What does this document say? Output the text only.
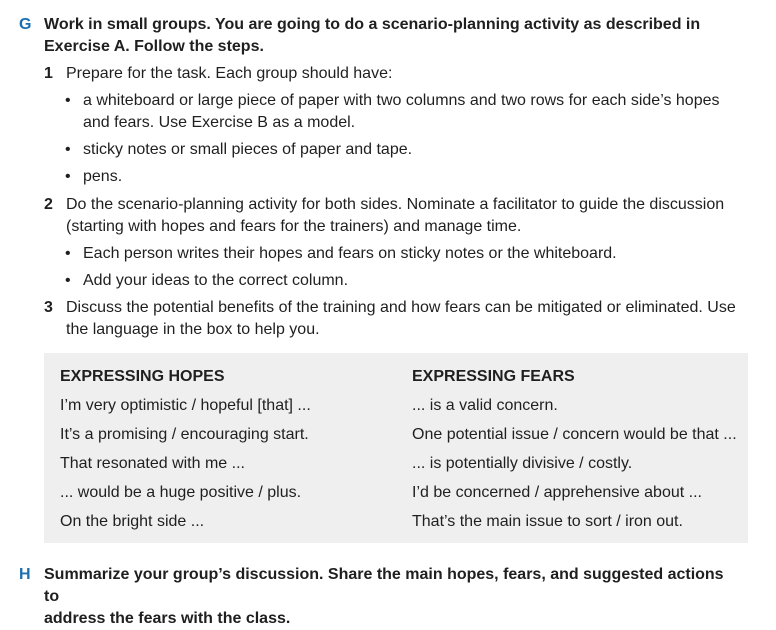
G Work in small groups. You are going to do a scenario-planning activity as described in
Exercise A. Follow the steps.
1 Prepare for the task. Each group should have:
• a whiteboard or large piece of paper with two columns and two rows for each side’s hopes
and fears. Use Exercise B as a model.
• sticky notes or small pieces of paper and tape.
• pens.
2 Do the scenario-planning activity for both sides. Nominate a facilitator to guide the discussion
(starting with hopes and fears for the trainers) and manage time.
• Each person writes their hopes and fears on sticky notes or the whiteboard.
• Add your ideas to the correct column.
3 Discuss the potential benefits of the training and how fears can be mitigated or eliminated. Use
the language in the box to help you.
EXPRESSING HOPES
I’m very optimistic / hopeful [that] ...
It’s a promising / encouraging start.
That resonated with me ...
... would be a huge positive / plus.
On the bright side ...
EXPRESSING FEARS
... is a valid concern.
One potential issue / concern would be that ...
... is potentially divisive / costly.
I’d be concerned / apprehensive about ...
That’s the main issue to sort / iron out.
H Summarize your group’s discussion. Share the main hopes, fears, and suggested actions to
address the fears with the class.
